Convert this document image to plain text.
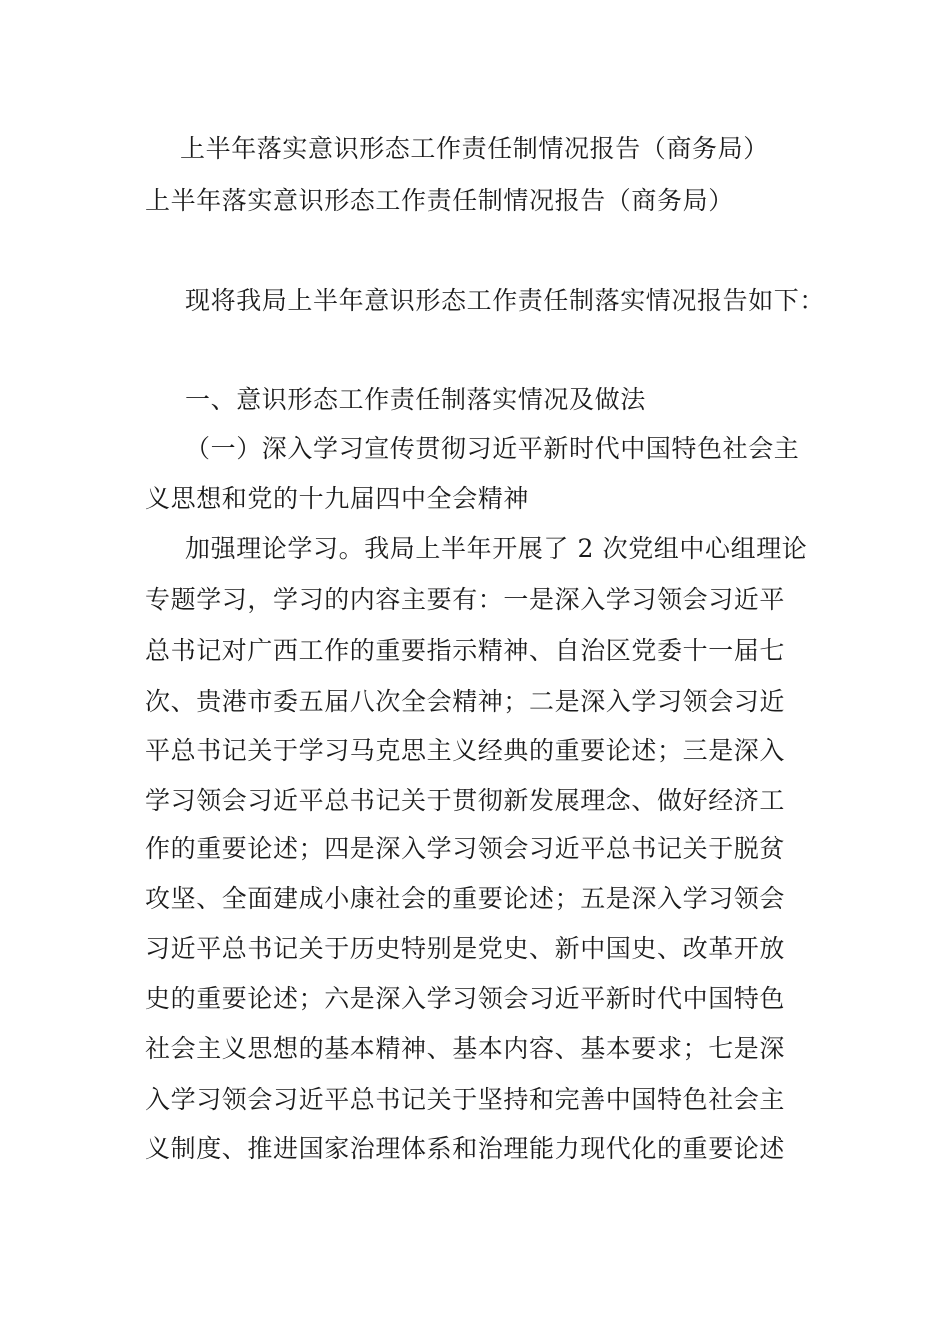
上半年落实意识形态工作责任制情况报告（商务局）
上半年落实意识形态工作责任制情况报告（商务局）
现将我局上半年意识形态工作责任制落实情况报告如下：
一、意识形态工作责任制落实情况及做法
（一）深入学习宣传贯彻习近平新时代中国特色社会主
义思想和党的十九届四中全会精神
加强理论学习。我局上半年开展了 2 次党组中心组理论
专题学习，学习的内容主要有：一是深入学习领会习近平
总书记对广西工作的重要指示精神、自治区党委十一届七
次、贵港市委五届八次全会精神；二是深入学习领会习近
平总书记关于学习马克思主义经典的重要论述；三是深入
学习领会习近平总书记关于贯彻新发展理念、做好经济工
作的重要论述；四是深入学习领会习近平总书记关于脱贫
攻坚、全面建成小康社会的重要论述；五是深入学习领会
习近平总书记关于历史特别是党史、新中国史、改革开放
史的重要论述；六是深入学习领会习近平新时代中国特色
社会主义思想的基本精神、基本内容、基本要求；七是深
入学习领会习近平总书记关于坚持和完善中国特色社会主
义制度、推进国家治理体系和治理能力现代化的重要论述
